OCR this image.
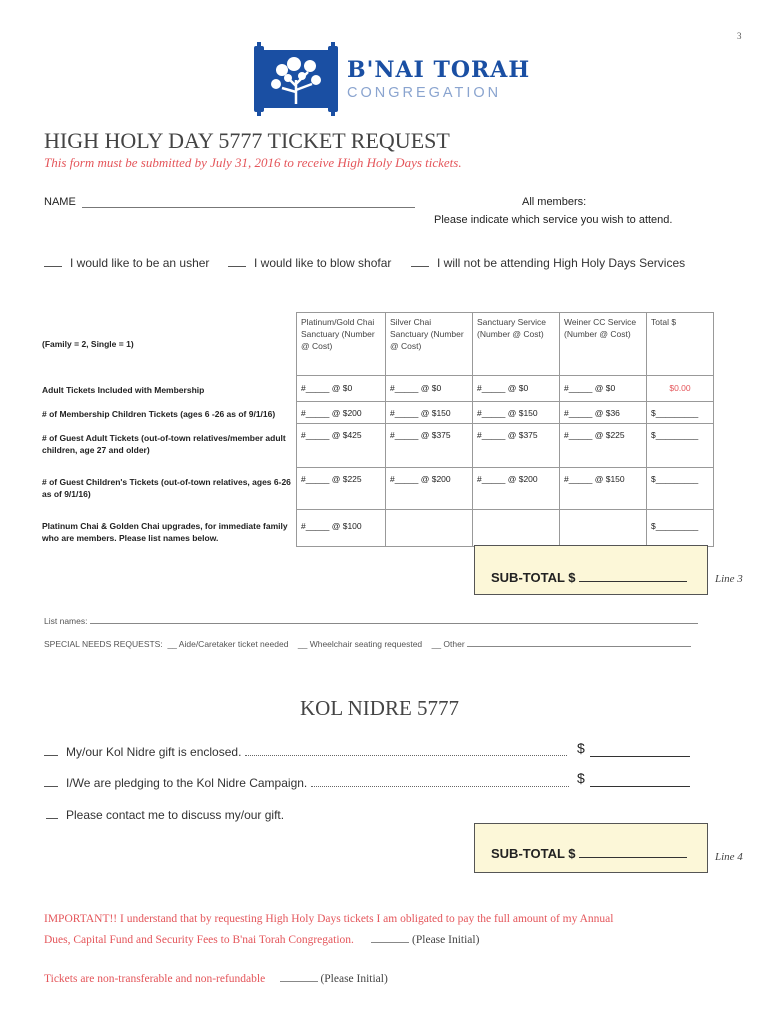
3
B'NAI TORAH
CONGREGATION
HIGH HOLY DAY 5777 TICKET REQUEST
This form must be submitted by July 31, 2016 to receive High Holy Days tickets.
NAME	All members:
Please indicate which service you wish to attend.
I would like to be an usher	I would like to blow shofar	I will not be attending High Holy Days Services
(Family = 2, Single = 1)	Platinum/Gold Chai Sanctuary (Number @ Cost)	Silver Chai Sanctuary (Number @ Cost)	Sanctuary Service (Number @ Cost)	Weiner CC Service (Number @ Cost)	Total $
Adult Tickets Included with Membership	#_____ @ $0	#_____ @ $0	#_____ @ $0	#_____ @ $0	$0.00
# of Membership Children Tickets (ages 6 -26 as of 9/1/16)	#_____ @ $200	#_____ @ $150	#_____ @ $150	#_____ @ $36	$_________
# of Guest Adult Tickets (out-of-town relatives/member adult children, age 27 and older)	#_____ @ $425	#_____ @ $375	#_____ @ $375	#_____ @ $225	$_________
# of Guest Children's Tickets (out-of-town relatives, ages 6-26 as of 9/1/16)	#_____ @ $225	#_____ @ $200	#_____ @ $200	#_____ @ $150	$_________
Platinum Chai & Golden Chai upgrades, for immediate family who are members. Please list names below.	#_____ @ $100				$_________
SUB-TOTAL $	Line 3
List names:
SPECIAL NEEDS REQUESTS: __ Aide/Caretaker ticket needed __ Wheelchair seating requested __ Other
KOL NIDRE 5777
My/our Kol Nidre gift is enclosed.	$
I/We are pledging to the Kol Nidre Campaign.	$
Please contact me to discuss my/our gift.
SUB-TOTAL $	Line 4
IMPORTANT!! I understand that by requesting High Holy Days tickets I am obligated to pay the full amount of my Annual
Dues, Capital Fund and Security Fees to B'nai Torah Congregation.	(Please Initial)
Tickets are non-transferable and non-refundable	(Please Initial)
